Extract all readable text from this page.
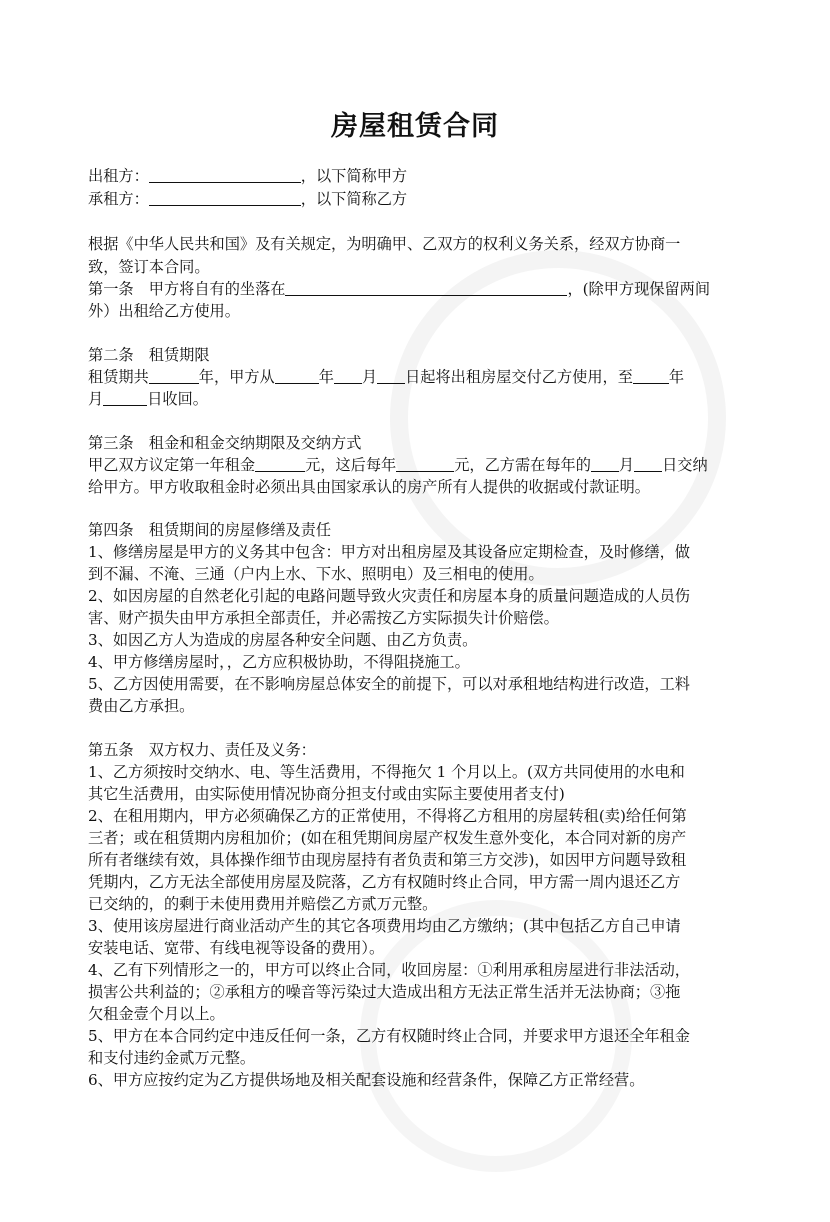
房屋租赁合同
出租方：	，以下简称甲方
承租方：	，以下简称乙方
根据《中华人民共和国》及有关规定，为明确甲、乙双方的权利义务关系，经双方协商一
致，签订本合同。
第一条　甲方将自有的坐落在	，(除甲方现保留两间
外）出租给乙方使用。
第二条　租赁期限
租赁期共	年，甲方从	年 月 日起将出租房屋交付乙方使用，至 年
月	日收回。
第三条　租金和租金交纳期限及交纳方式
甲乙双方议定第一年租金	元，这后每年	元，乙方需在每年的 月 日交纳
给甲方。甲方收取租金时必须出具由国家承认的房产所有人提供的收据或付款证明。
第四条　租赁期间的房屋修缮及责任
1、修缮房屋是甲方的义务其中包含：甲方对出租房屋及其设备应定期检查，及时修缮，做
到不漏、不淹、三通（户内上水、下水、照明电）及三相电的使用。
2、如因房屋的自然老化引起的电路问题导致火灾责任和房屋本身的质量问题造成的人员伤
害、财产损失由甲方承担全部责任，并必需按乙方实际损失计价赔偿。
3、如因乙方人为造成的房屋各种安全问题、由乙方负责。
4、甲方修缮房屋时，，乙方应积极协助，不得阻挠施工。
5、乙方因使用需要，在不影响房屋总体安全的前提下，可以对承租地结构进行改造，工料
费由乙方承担。
第五条　双方权力、责任及义务：
1、乙方须按时交纳水、电、等生活费用，不得拖欠 1 个月以上。(双方共同使用的水电和
其它生活费用，由实际使用情况协商分担支付或由实际主要使用者支付)
2、在租用期内，甲方必须确保乙方的正常使用，不得将乙方租用的房屋转租(卖)给任何第
三者；或在租赁期内房租加价；(如在租凭期间房屋产权发生意外变化，本合同对新的房产
所有者继续有效，具体操作细节由现房屋持有者负责和第三方交涉)，如因甲方问题导致租
凭期内，乙方无法全部使用房屋及院落，乙方有权随时终止合同，甲方需一周内退还乙方
已交纳的，的剩于未使用费用并赔偿乙方贰万元整。
3、使用该房屋进行商业活动产生的其它各项费用均由乙方缴纳；(其中包括乙方自己申请
安装电话、宽带、有线电视等设备的费用）。
4、乙有下列情形之一的，甲方可以终止合同，收回房屋：①利用承租房屋进行非法活动，
损害公共利益的；②承租方的噪音等污染过大造成出租方无法正常生活并无法协商；③拖
欠租金壹个月以上。
5、甲方在本合同约定中违反任何一条，乙方有权随时终止合同，并要求甲方退还全年租金
和支付违约金贰万元整。
6、甲方应按约定为乙方提供场地及相关配套设施和经营条件，保障乙方正常经营。
